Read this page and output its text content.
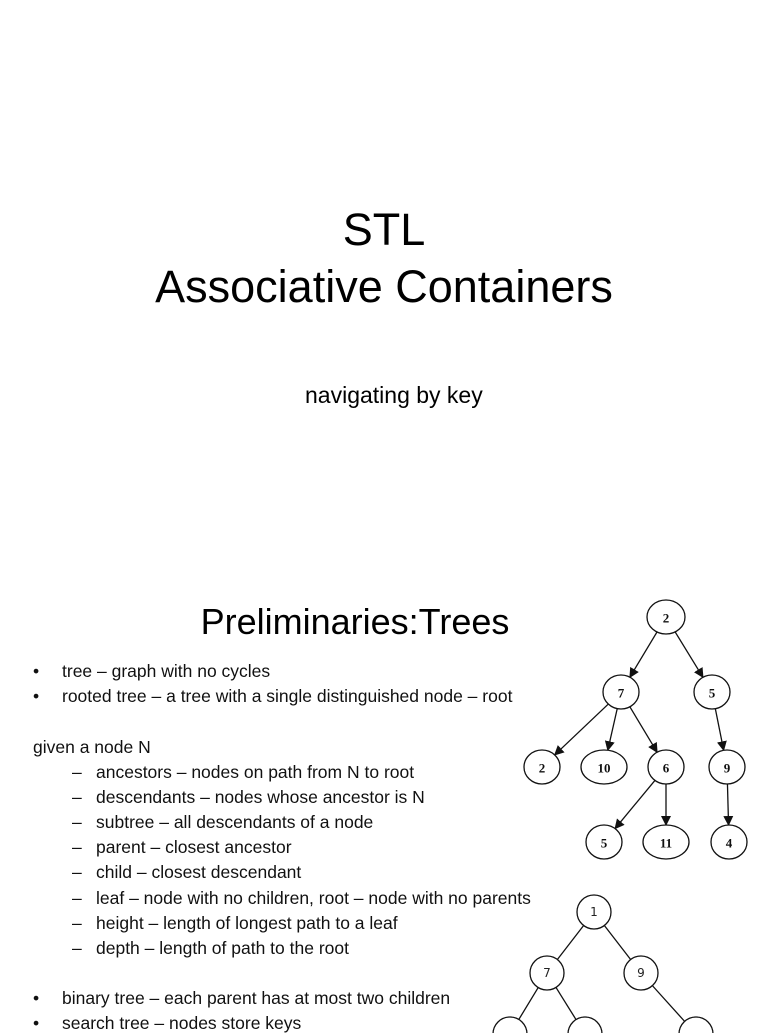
STL
Associative Containers
navigating by key
Preliminaries:Trees
• tree – graph with no cycles
• rooted tree – a tree with a single distinguished node – root
given a node N
– ancestors – nodes on path from N to root
– descendants – nodes whose ancestor is N
– subtree – all descendants of a node
– parent – closest ancestor
– child – closest descendant
– leaf – node with no children, root – node with no parents
– height – length of longest path to a leaf
– depth – length of path to the root
• binary tree – each parent has at most two children
• search tree – nodes store keys
2
7	5
2	10	6	9
5	11	4
1
7	9
